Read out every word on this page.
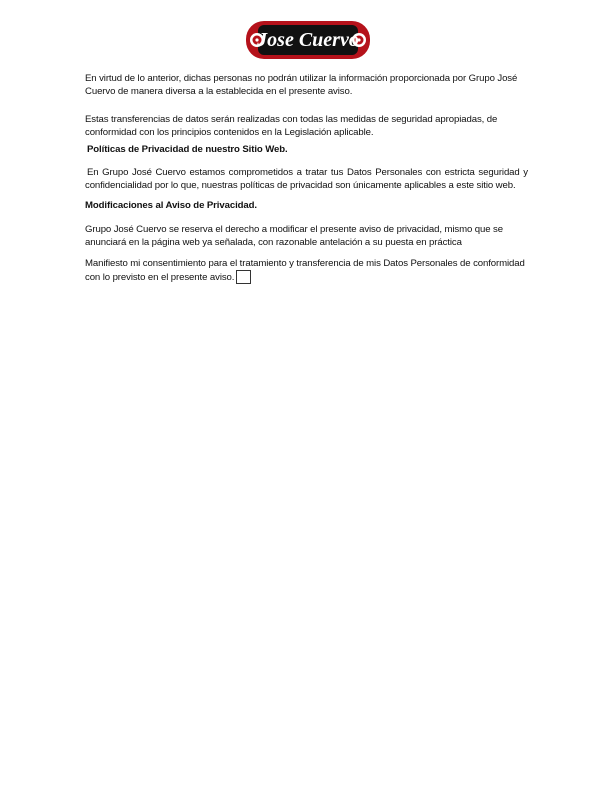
Jose Cuervo

En virtud de lo anterior, dichas personas no podrán utilizar la información proporcionada por Grupo José Cuervo de manera diversa a la establecida en el presente aviso.

Estas transferencias de datos serán realizadas con todas las medidas de seguridad apropiadas, de conformidad con los principios contenidos en la Legislación aplicable.

Políticas de Privacidad de nuestro Sitio Web.

En Grupo José Cuervo estamos comprometidos a tratar tus Datos Personales con estricta seguridad y confidencialidad por lo que, nuestras políticas de privacidad son únicamente aplicables a este sitio web.

Modificaciones al Aviso de Privacidad.

Grupo José Cuervo se reserva el derecho a modificar el presente aviso de privacidad, mismo que se anunciará en la página web ya señalada, con razonable antelación a su puesta en práctica

Manifiesto mi consentimiento para el tratamiento y transferencia de mis Datos Personales de conformidad con lo previsto en el presente aviso.
